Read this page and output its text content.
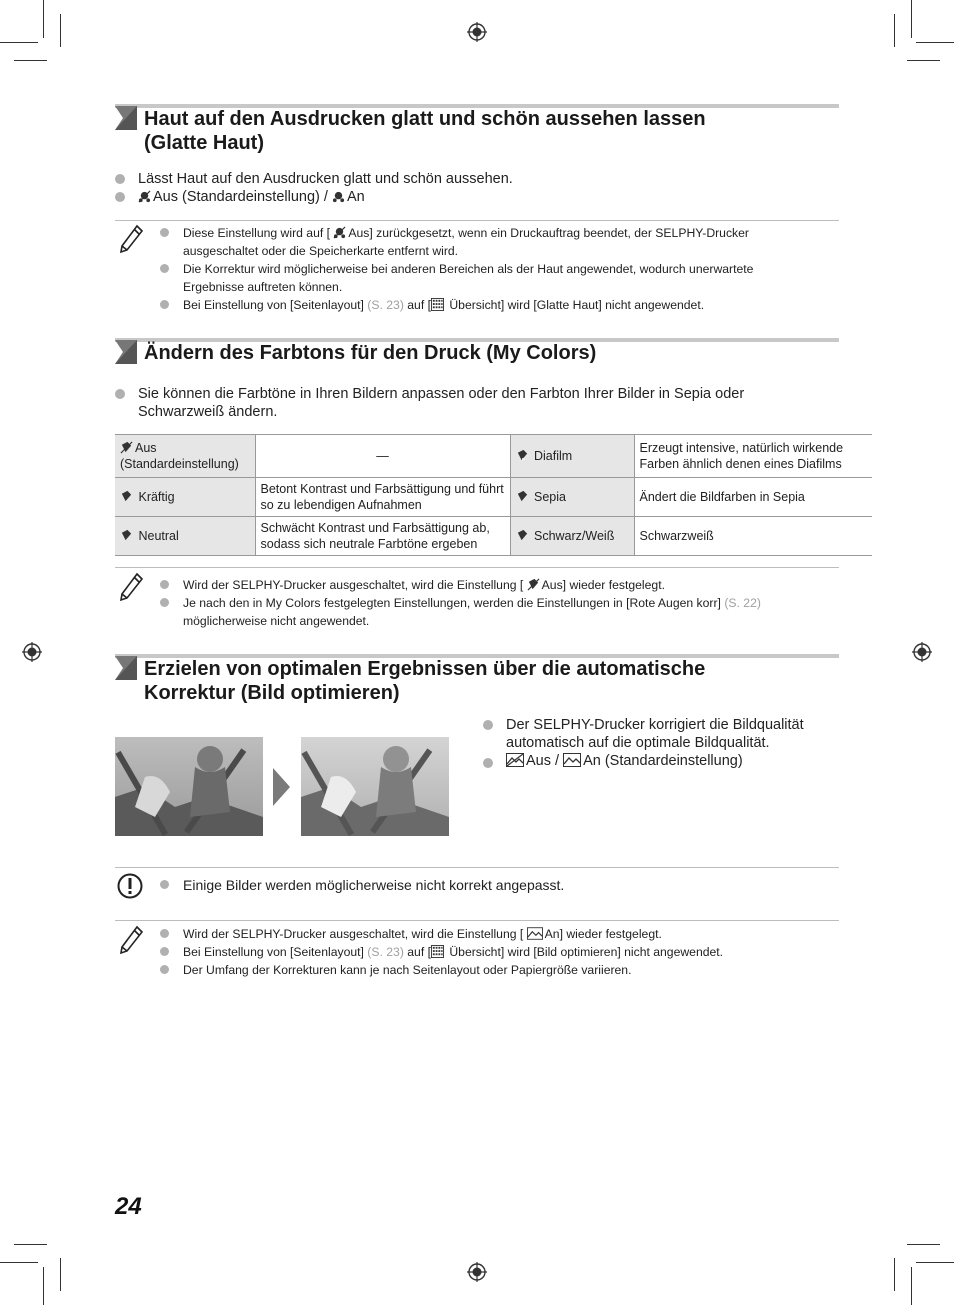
Haut auf den Ausdrucken glatt und schön aussehen lassen
(Glatte Haut)
Lässt Haut auf den Ausdrucken glatt und schön aussehen.
Aus (Standardeinstellung) / An
Diese Einstellung wird auf [ Aus] zurückgesetzt, wenn ein Druckauftrag beendet, der SELPHY-Drucker
ausgeschaltet oder die Speicherkarte entfernt wird.
Die Korrektur wird möglicherweise bei anderen Bereichen als der Haut angewendet, wodurch unerwartete
Ergebnisse auftreten können.
Bei Einstellung von [Seitenlayout] (S. 23) auf [ Übersicht] wird [Glatte Haut] nicht angewendet.
Ändern des Farbtons für den Druck (My Colors)
Sie können die Farbtöne in Ihren Bildern anpassen oder den Farbton Ihrer Bilder in Sepia oder
Schwarzweiß ändern.
Aus (Standardeinstellung)	—	P Diafilm	Erzeugt intensive, natürlich wirkende Farben ähnlich denen eines Diafilms
Kräftig	Betont Kontrast und Farbsättigung und führt so zu lebendigen Aufnahmen	Sepia	Ändert die Bildfarben in Sepia
Neutral	Schwächt Kontrast und Farbsättigung ab, sodass sich neutrale Farbtöne ergeben	Schwarz/Weiß	Schwarzweiß
Wird der SELPHY-Drucker ausgeschaltet, wird die Einstellung [ Aus] wieder festgelegt.
Je nach den in My Colors festgelegten Einstellungen, werden die Einstellungen in [Rote Augen korr] (S. 22)
möglicherweise nicht angewendet.
Erzielen von optimalen Ergebnissen über die automatische
Korrektur (Bild optimieren)
Der SELPHY-Drucker korrigiert die Bildqualität
automatisch auf die optimale Bildqualität.
Aus / An (Standardeinstellung)
Einige Bilder werden möglicherweise nicht korrekt angepasst.
Wird der SELPHY-Drucker ausgeschaltet, wird die Einstellung [ An] wieder festgelegt.
Bei Einstellung von [Seitenlayout] (S. 23) auf [ Übersicht] wird [Bild optimieren] nicht angewendet.
Der Umfang der Korrekturen kann je nach Seitenlayout oder Papiergröße variieren.
24
